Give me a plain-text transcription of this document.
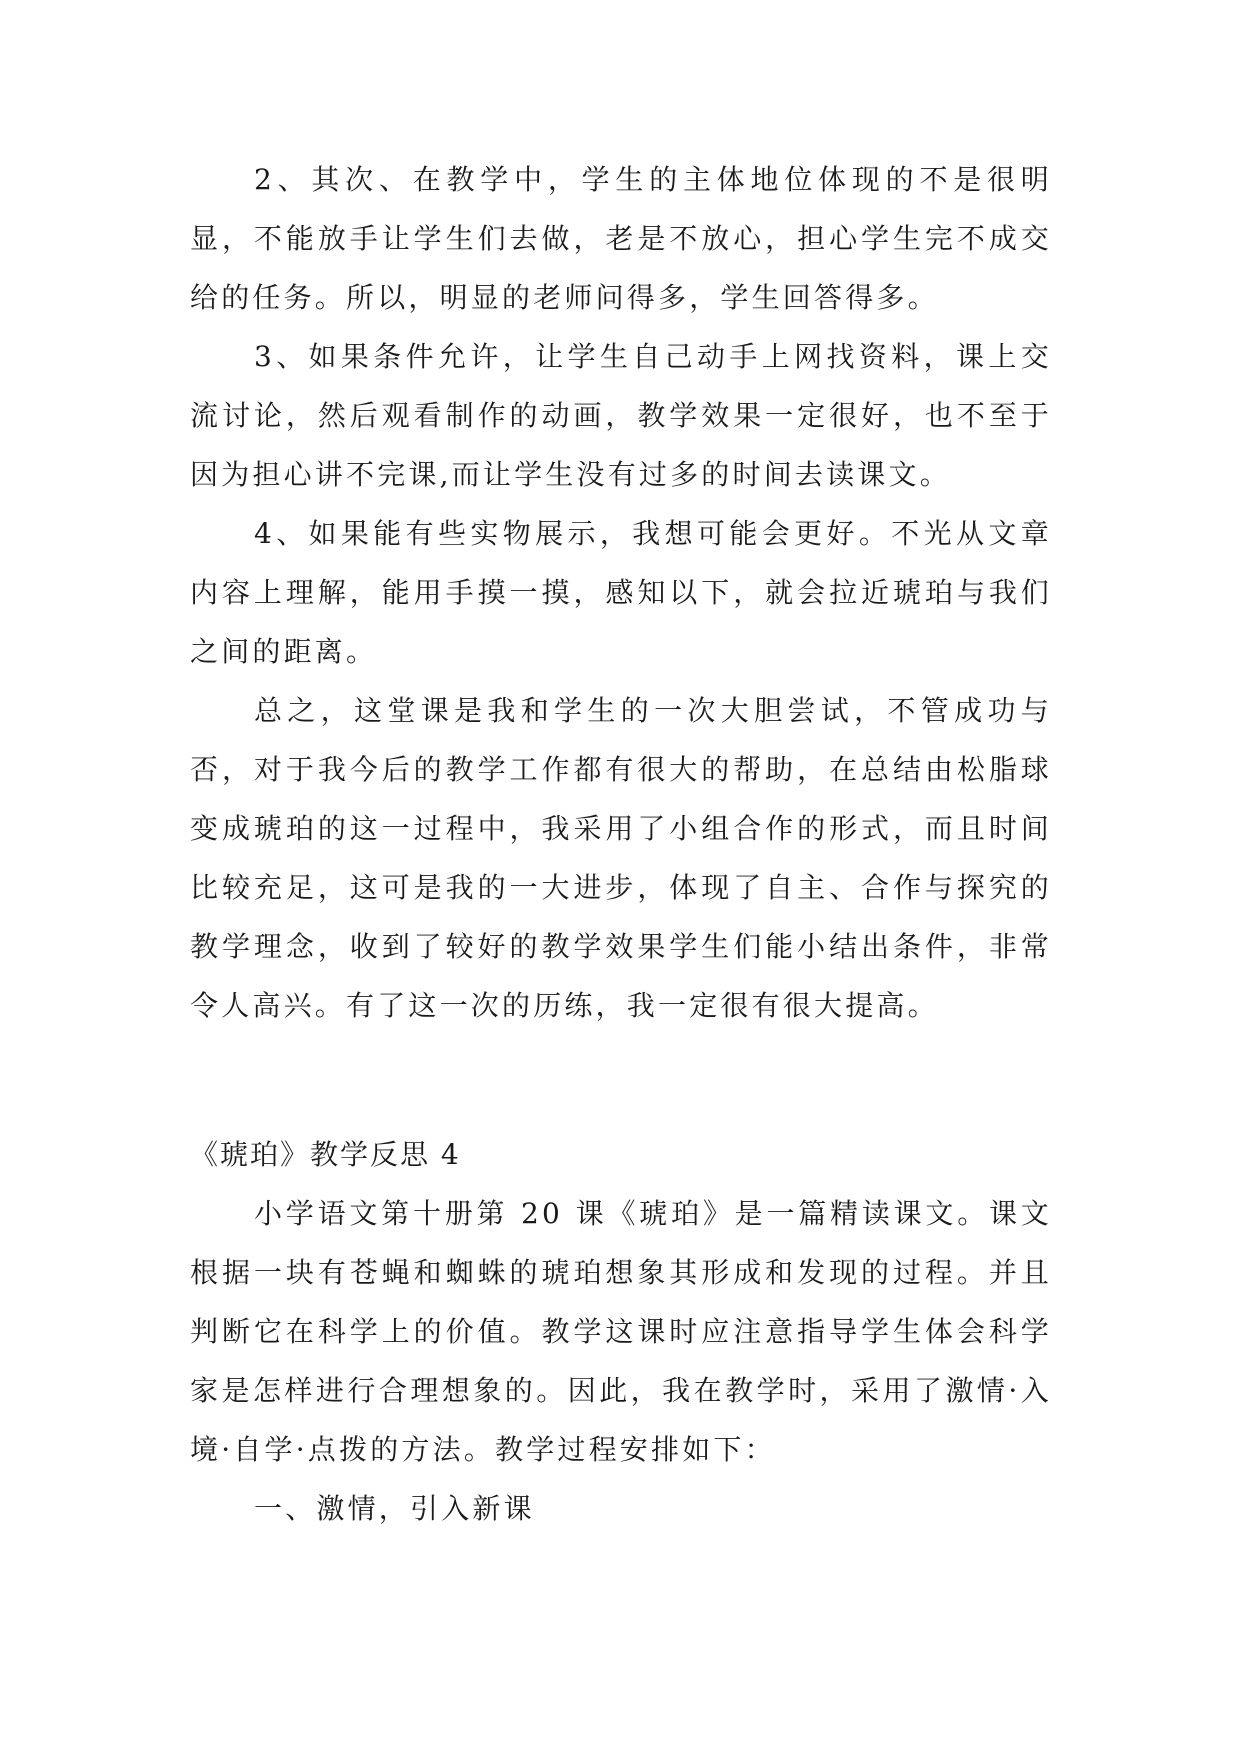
2、其次、在教学中，学生的主体地位体现的不是很明显，不能放手让学生们去做，老是不放心，担心学生完不成交给的任务。所以，明显的老师问得多，学生回答得多。

3、如果条件允许，让学生自己动手上网找资料，课上交流讨论，然后观看制作的动画，教学效果一定很好，也不至于因为担心讲不完课,而让学生没有过多的时间去读课文。

4、如果能有些实物展示，我想可能会更好。不光从文章内容上理解，能用手摸一摸，感知以下，就会拉近琥珀与我们之间的距离。

总之，这堂课是我和学生的一次大胆尝试，不管成功与否，对于我今后的教学工作都有很大的帮助，在总结由松脂球变成琥珀的这一过程中，我采用了小组合作的形式，而且时间比较充足，这可是我的一大进步，体现了自主、合作与探究的教学理念，收到了较好的教学效果学生们能小结出条件，非常令人高兴。有了这一次的历练，我一定很有很大提高。

《琥珀》教学反思 4

小学语文第十册第 20 课《琥珀》是一篇精读课文。课文根据一块有苍蝇和蜘蛛的琥珀想象其形成和发现的过程。并且判断它在科学上的价值。教学这课时应注意指导学生体会科学家是怎样进行合理想象的。因此，我在教学时，采用了激情·入境·自学·点拨的方法。教学过程安排如下：

一、激情，引入新课
